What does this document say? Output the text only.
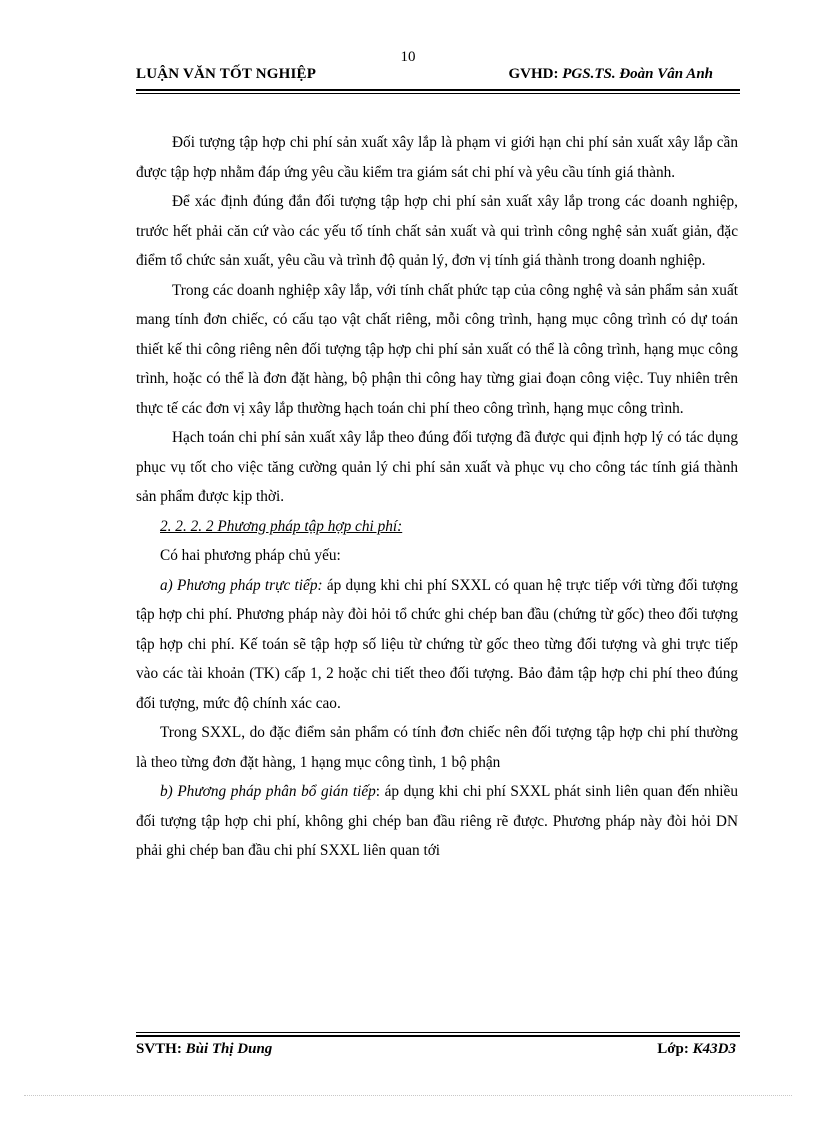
10
LUẬN VĂN TỐT NGHIỆP	GVHD: PGS.TS. Đoàn Vân Anh

Đối tượng tập hợp chi phí sản xuất xây lắp là phạm vi giới hạn chi phí sản xuất xây lắp cần được tập hợp nhằm đáp ứng yêu cầu kiểm tra giám sát chi phí và yêu cầu tính giá thành.

Để xác định đúng đắn đối tượng tập hợp chi phí sản xuất xây lắp trong các doanh nghiệp, trước hết phải căn cứ vào các yếu tố tính chất sản xuất và qui trình công nghệ sản xuất giản, đặc điểm tổ chức sản xuất, yêu cầu và trình độ quản lý, đơn vị tính giá thành trong doanh nghiệp.

Trong các doanh nghiệp xây lắp, với tính chất phức tạp của công nghệ và sản phẩm sản xuất mang tính đơn chiếc, có cấu tạo vật chất riêng, mỗi công trình, hạng mục công trình có dự toán thiết kế thi công riêng nên đối tượng tập hợp chi phí sản xuất có thể là công trình, hạng mục công trình, hoặc có thể là đơn đặt hàng, bộ phận thi công hay từng giai đoạn công việc. Tuy nhiên trên thực tế các đơn vị xây lắp thường hạch toán chi phí theo công trình, hạng mục công trình.

Hạch toán chi phí sản xuất xây lắp theo đúng đối tượng đã được qui định hợp lý có tác dụng phục vụ tốt cho việc tăng cường quản lý chi phí sản xuất và phục vụ cho công tác tính giá thành sản phẩm được kịp thời.

2. 2. 2. 2 Phương pháp tập hợp chi phí:

Có hai phương pháp chủ yếu:

a) Phương pháp trực tiếp: áp dụng khi chi phí SXXL có quan hệ trực tiếp với từng đối tượng tập hợp chi phí. Phương pháp này đòi hỏi tổ chức ghi chép ban đầu (chứng từ gốc) theo đối tượng tập hợp chi phí. Kế toán sẽ tập hợp số liệu từ chứng từ gốc theo từng đối tượng và ghi trực tiếp vào các tài khoản (TK) cấp 1, 2 hoặc chi tiết theo đối tượng. Bảo đảm tập hợp chi phí theo đúng đối tượng, mức độ chính xác cao.

Trong SXXL, do đặc điểm sản phẩm có tính đơn chiếc nên đối tượng tập hợp chi phí thường là theo từng đơn đặt hàng, 1 hạng mục công tình, 1 bộ phận

b) Phương pháp phân bổ gián tiếp: áp dụng khi chi phí SXXL phát sinh liên quan đến nhiều đối tượng tập hợp chi phí, không ghi chép ban đầu riêng rẽ được. Phương pháp này đòi hỏi DN phải ghi chép ban đầu chi phí SXXL liên quan tới

SVTH: Bùi Thị Dung	Lớp: K43D3
